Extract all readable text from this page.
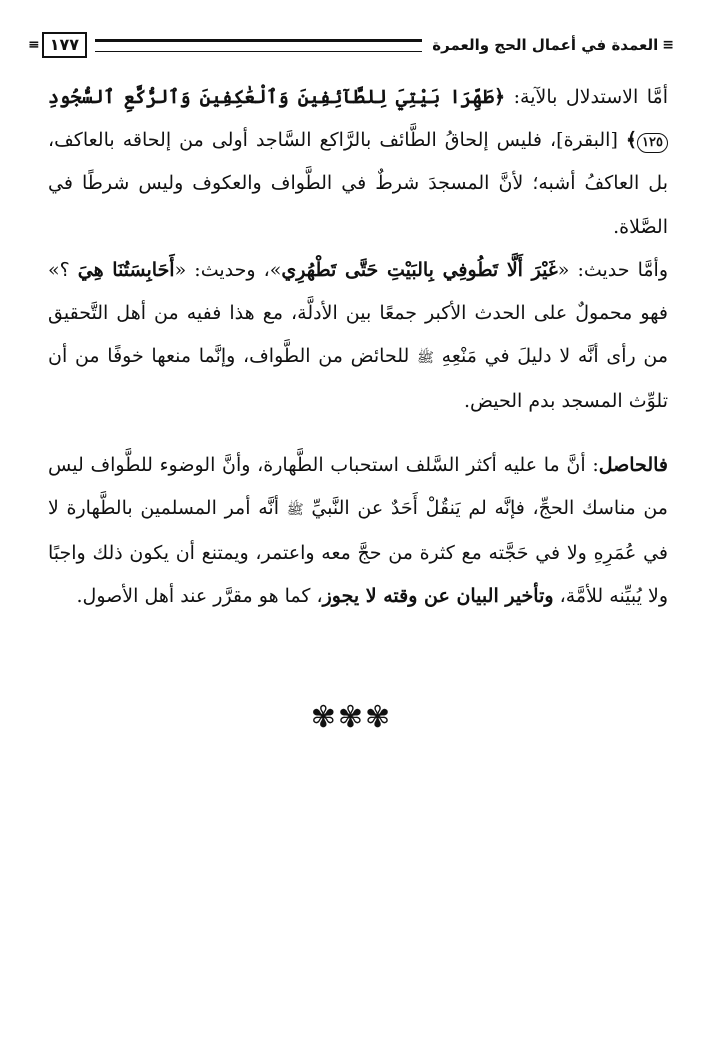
≡
العمدة في أعمال الحج والعمرة
١٧٧
≡

أمَّا الاستدلال بالآية: ﴿طَهِّرَا بَيْتِيَ لِلطَّآئِفِينَ وَٱلْعَٰكِفِينَ وَٱلرُّكَّعِ ٱلسُّجُودِ ١٢٥﴾ [البقرة]، فليس إلحاقُ الطَّائف بالرَّاكع السَّاجد أولى من إلحاقه بالعاكف، بل العاكفُ أشبه؛ لأنَّ المسجدَ شرطٌ في الطَّواف والعكوف وليس شرطًا في الصَّلاة.

وأمَّا حديث: «غَيْرَ أَلَّا تَطُوفِي بِالبَيْتِ حَتَّى تَطْهُرِي»، وحديث: «أَحَابِسَتُنَا هِيَ ؟» فهو محمولٌ على الحدث الأكبر جمعًا بين الأدلَّة، مع هذا ففيه من أهل التَّحقيق من رأى أنَّه لا دليلَ في مَنْعِهِ ﷺ للحائض من الطَّواف، وإنَّما منعها خوفًا من أن تلوِّث المسجد بدم الحيض.

فالحاصل: أنَّ ما عليه أكثر السَّلف استحباب الطَّهارة، وأنَّ الوضوء للطَّواف ليس من مناسك الحجِّ، فإنَّه لم يَنقُلْ أَحَدٌ عن النَّبيِّ ﷺ أنَّه أمر المسلمين بالطَّهارة لا في عُمَرِهِ ولا في حَجَّته مع كثرة من حجَّ معه واعتمر، ويمتنع أن يكون ذلك واجبًا ولا يُبيِّنه للأمَّة، وتأخير البيان عن وقته لا يجوز، كما هو مقرَّر عند أهل الأصول.

✾✾✾
